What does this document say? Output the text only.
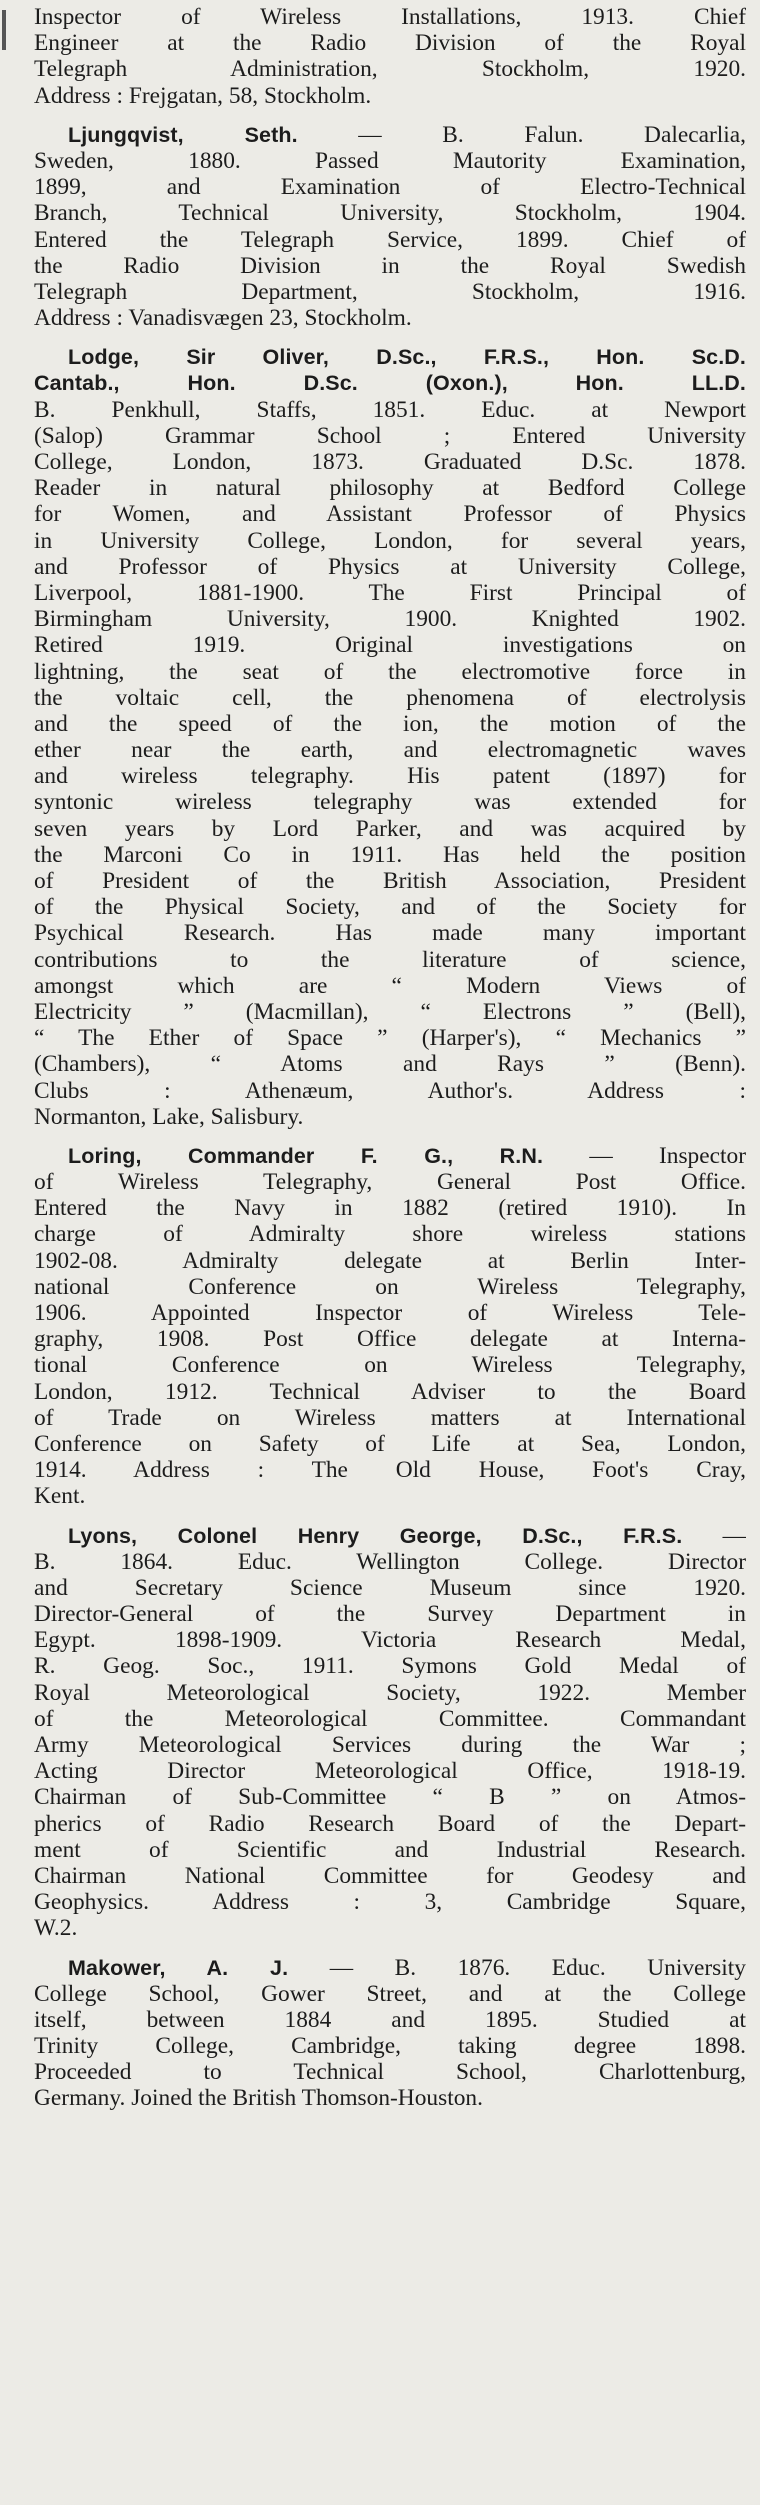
Inspector of Wireless Installations, 1913. Chief
Engineer at the Radio Division of the Royal
Telegraph Administration, Stockholm, 1920.
Address : Frejgatan, 58, Stockholm.
Ljungqvist, Seth. — B. Falun. Dalecarlia,
Sweden, 1880. Passed Mautority Examination,
1899, and Examination of Electro-Technical
Branch, Technical University, Stockholm, 1904.
Entered the Telegraph Service, 1899. Chief of
the Radio Division in the Royal Swedish
Telegraph Department, Stockholm, 1916.
Address : Vanadisvægen 23, Stockholm.
Lodge, Sir Oliver, D.Sc., F.R.S., Hon. Sc.D.
Cantab., Hon. D.Sc. (Oxon.), Hon. LL.D.
B. Penkhull, Staffs, 1851. Educ. at Newport
(Salop) Grammar School ; Entered University
College, London, 1873. Graduated D.Sc. 1878.
Reader in natural philosophy at Bedford College
for Women, and Assistant Professor of Physics
in University College, London, for several years,
and Professor of Physics at University College,
Liverpool, 1881-1900. The First Principal of
Birmingham University, 1900. Knighted 1902.
Retired 1919. Original investigations on
lightning, the seat of the electromotive force in
the voltaic cell, the phenomena of electrolysis
and the speed of the ion, the motion of the
ether near the earth, and electromagnetic waves
and wireless telegraphy. His patent (1897) for
syntonic wireless telegraphy was extended for
seven years by Lord Parker, and was acquired by
the Marconi Co in 1911. Has held the position
of President of the British Association, President
of the Physical Society, and of the Society for
Psychical Research. Has made many important
contributions to the literature of science,
amongst which are “ Modern Views of
Electricity ” (Macmillan), “ Electrons ” (Bell),
“ The Ether of Space ” (Harper's), “ Mechanics ”
(Chambers), “ Atoms and Rays ” (Benn).
Clubs : Athenæum, Author's. Address :
Normanton, Lake, Salisbury.
Loring, Commander F. G., R.N. — Inspector
of Wireless Telegraphy, General Post Office.
Entered the Navy in 1882 (retired 1910). In
charge of Admiralty shore wireless stations
1902-08. Admiralty delegate at Berlin Inter-
national Conference on Wireless Telegraphy,
1906. Appointed Inspector of Wireless Tele-
graphy, 1908. Post Office delegate at Interna-
tional Conference on Wireless Telegraphy,
London, 1912. Technical Adviser to the Board
of Trade on Wireless matters at International
Conference on Safety of Life at Sea, London,
1914. Address : The Old House, Foot's Cray,
Kent.
Lyons, Colonel Henry George, D.Sc., F.R.S. —
B. 1864. Educ. Wellington College. Director
and Secretary Science Museum since 1920.
Director-General of the Survey Department in
Egypt. 1898-1909. Victoria Research Medal,
R. Geog. Soc., 1911. Symons Gold Medal of
Royal Meteorological Society, 1922. Member
of the Meteorological Committee. Commandant
Army Meteorological Services during the War ;
Acting Director Meteorological Office, 1918-19.
Chairman of Sub-Committee “ B ” on Atmos-
pherics of Radio Research Board of the Depart-
ment of Scientific and Industrial Research.
Chairman National Committee for Geodesy and
Geophysics. Address : 3, Cambridge Square,
W.2.
Makower, A. J. — B. 1876. Educ. University
College School, Gower Street, and at the College
itself, between 1884 and 1895. Studied at
Trinity College, Cambridge, taking degree 1898.
Proceeded to Technical School, Charlottenburg,
Germany. Joined the British Thomson-Houston.
